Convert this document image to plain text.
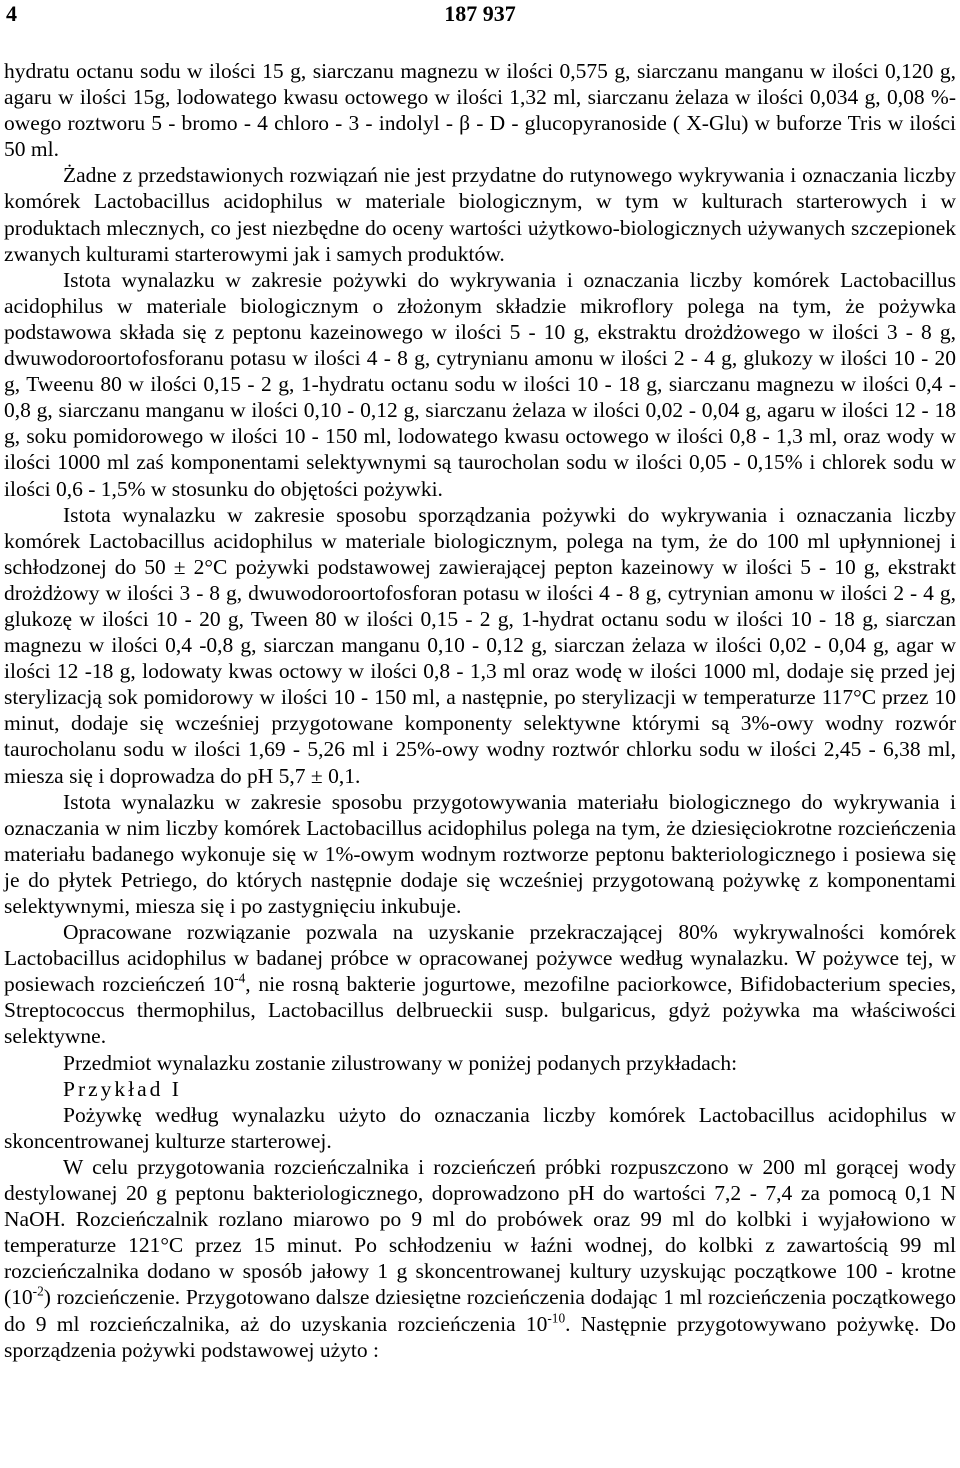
4	187 937

hydratu octanu sodu w ilości 15 g, siarczanu magnezu w ilości 0,575 g, siarczanu manganu w ilości 0,120 g, agaru w ilości 15g, lodowatego kwasu octowego w ilości 1,32 ml, siarczanu żelaza w ilości 0,034 g, 0,08 %-owego roztworu 5 - bromo - 4 chloro - 3 - indolyl - β - D - glucopyranoside ( X-Glu) w buforze Tris w ilości 50 ml.

Żadne z przedstawionych rozwiązań nie jest przydatne do rutynowego wykrywania i oznaczania liczby komórek Lactobacillus acidophilus w materiale biologicznym, w tym w kulturach starterowych i w produktach mlecznych, co jest niezbędne do oceny wartości użytkowo-biologicznych używanych szczepionek zwanych kulturami starterowymi jak i samych produktów.

Istota wynalazku w zakresie pożywki do wykrywania i oznaczania liczby komórek Lactobacillus acidophilus w materiale biologicznym o złożonym składzie mikroflory polega na tym, że pożywka podstawowa składa się z peptonu kazeinowego w ilości 5 - 10 g, ekstraktu drożdżowego w ilości 3 - 8 g, dwuwodoroortofosforanu potasu w ilości 4 - 8 g, cytrynianu amonu w ilości 2 - 4 g, glukozy w ilości 10 - 20 g, Tweenu 80 w ilości 0,15 - 2 g, 1-hydratu octanu sodu w ilości 10 - 18 g, siarczanu magnezu w ilości 0,4 - 0,8 g, siarczanu manganu w ilości 0,10 - 0,12 g, siarczanu żelaza w ilości 0,02 - 0,04 g, agaru w ilości 12 - 18 g, soku pomidorowego w ilości 10 - 150 ml, lodowatego kwasu octowego w ilości 0,8 - 1,3 ml, oraz wody w ilości 1000 ml zaś komponentami selektywnymi są taurocholan sodu w ilości 0,05 - 0,15% i chlorek sodu w ilości 0,6 - 1,5% w stosunku do objętości pożywki.

Istota wynalazku w zakresie sposobu sporządzania pożywki do wykrywania i oznaczania liczby komórek Lactobacillus acidophilus w materiale biologicznym, polega na tym, że do 100 ml upłynnionej i schłodzonej do 50 ± 2°C pożywki podstawowej zawierającej pepton kazeinowy w ilości 5 - 10 g, ekstrakt drożdżowy w ilości 3 - 8 g, dwuwodoroortofosforan potasu w ilości 4 - 8 g, cytrynian amonu w ilości 2 - 4 g, glukozę w ilości 10 - 20 g, Tween 80 w ilości 0,15 - 2 g, 1-hydrat octanu sodu w ilości 10 - 18 g, siarczan magnezu w ilości 0,4 -0,8 g, siarczan manganu 0,10 - 0,12 g, siarczan żelaza w ilości 0,02 - 0,04 g, agar w ilości 12 -18 g, lodowaty kwas octowy w ilości 0,8 - 1,3 ml oraz wodę w ilości 1000 ml, dodaje się przed jej sterylizacją sok pomidorowy w ilości 10 - 150 ml, a następnie, po sterylizacji w temperaturze 117°C przez 10 minut, dodaje się wcześniej przygotowane komponenty selektywne którymi są 3%-owy wodny rozwór taurocholanu sodu w ilości 1,69 - 5,26 ml i 25%-owy wodny roztwór chlorku sodu w ilości 2,45 - 6,38 ml, miesza się i doprowadza do pH 5,7 ± 0,1.

Istota wynalazku w zakresie sposobu przygotowywania materiału biologicznego do wykrywania i oznaczania w nim liczby komórek Lactobacillus acidophilus polega na tym, że dziesięciokrotne rozcieńczenia materiału badanego wykonuje się w 1%-owym wodnym roztworze peptonu bakteriologicznego i posiewa się je do płytek Petriego, do których następnie dodaje się wcześniej przygotowaną pożywkę z komponentami selektywnymi, miesza się i po zastygnięciu inkubuje.

Opracowane rozwiązanie pozwala na uzyskanie przekraczającej 80% wykrywalności komórek Lactobacillus acidophilus w badanej próbce w opracowanej pożywce według wynalazku. W pożywce tej, w posiewach rozcieńczeń $10^{-4}$, nie rosną bakterie jogurtowe, mezofilne paciorkowce, Bifidobacterium species, Streptococcus thermophilus, Lactobacillus delbrueckii susp. bulgaricus, gdyż pożywka ma właściwości selektywne.

Przedmiot wynalazku zostanie zilustrowany w poniżej podanych przykładach:

Przykład I

Pożywkę według wynalazku użyto do oznaczania liczby komórek Lactobacillus acidophilus w skoncentrowanej kulturze starterowej.

W celu przygotowania rozcieńczalnika i rozcieńczeń próbki rozpuszczono w 200 ml gorącej wody destylowanej 20 g peptonu bakteriologicznego, doprowadzono pH do wartości 7,2 - 7,4 za pomocą 0,1 N NaOH. Rozcieńczalnik rozlano miarowo po 9 ml do probówek oraz 99 ml do kolbki i wyjałowiono w temperaturze 121°C przez 15 minut. Po schłodzeniu w łaźni wodnej, do kolbki z zawartością 99 ml rozcieńczalnika dodano w sposób jałowy 1 g skoncentrowanej kultury uzyskując początkowe 100 - krotne $(10^{-2})$ rozcieńczenie. Przygotowano dalsze dziesiętne rozcieńczenia dodając 1 ml rozcieńczenia początkowego do 9 ml rozcieńczalnika, aż do uzyskania rozcieńczenia $10^{-10}$. Następnie przygotowywano pożywkę. Do sporządzenia pożywki podstawowej użyto :
